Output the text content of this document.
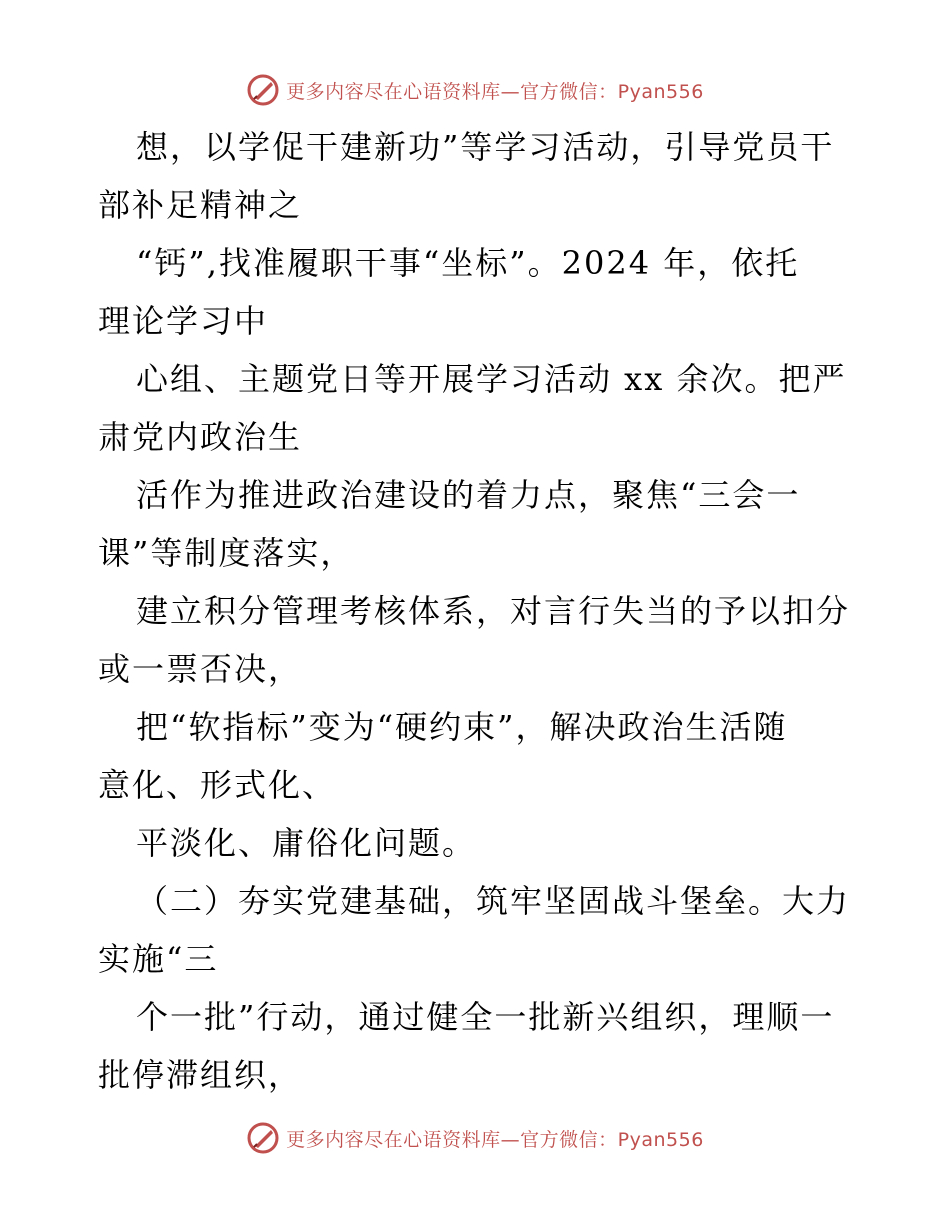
更多内容尽在心语资料库—官方微信：Pyan556
想，以学促干建新功”等学习活动，引导党员干
部补足精神之
“钙”,找准履职干事“坐标”。2024 年，依托
理论学习中
心组、主题党日等开展学习活动 xx 余次。把严
肃党内政治生
活作为推进政治建设的着力点，聚焦“三会一
课”等制度落实，
建立积分管理考核体系，对言行失当的予以扣分
或一票否决，
把“软指标”变为“硬约束”，解决政治生活随
意化、形式化、
平淡化、庸俗化问题。
（二）夯实党建基础，筑牢坚固战斗堡垒。大力
实施“三
个一批”行动，通过健全一批新兴组织，理顺一
批停滞组织，
更多内容尽在心语资料库—官方微信：Pyan556
